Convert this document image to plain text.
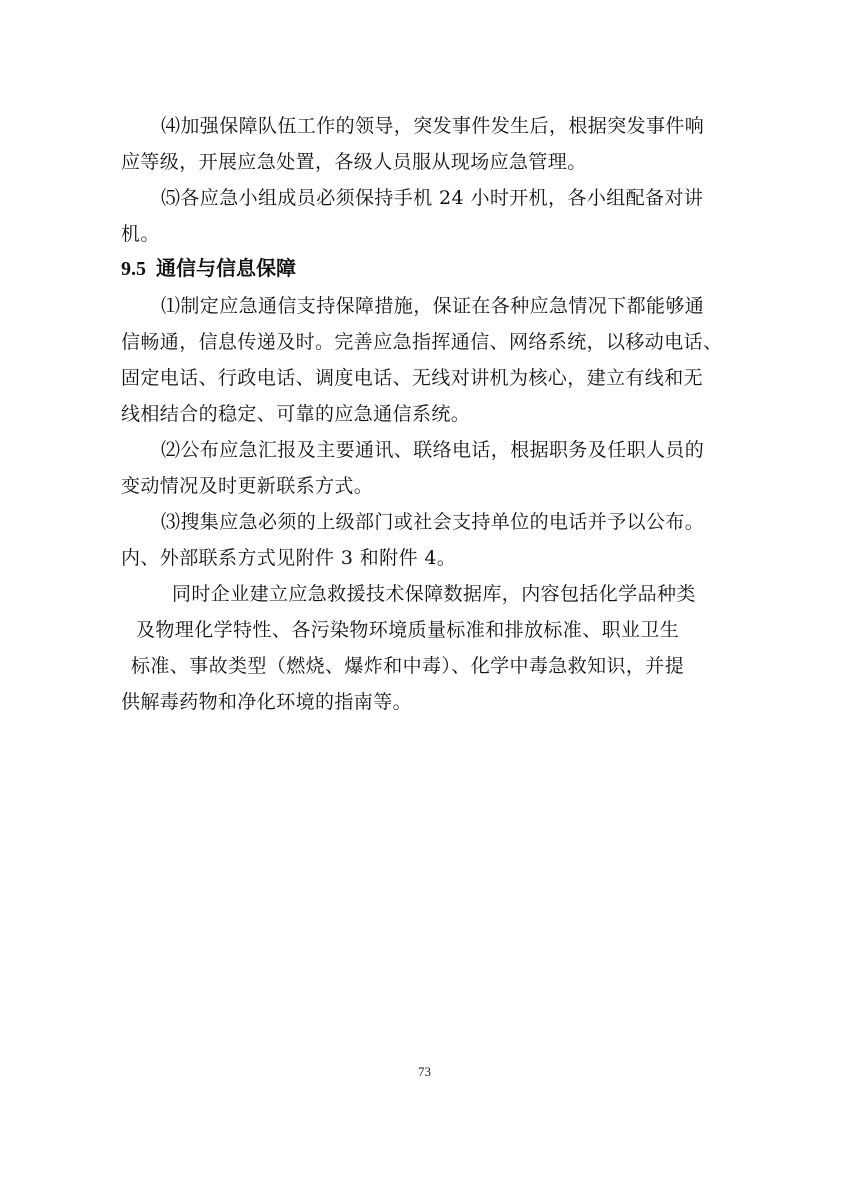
⑷加强保障队伍工作的领导，突发事件发生后，根据突发事件响
应等级，开展应急处置，各级人员服从现场应急管理。
⑸各应急小组成员必须保持手机 24 小时开机，各小组配备对讲
机。
9.5 通信与信息保障
⑴制定应急通信支持保障措施，保证在各种应急情况下都能够通
信畅通，信息传递及时。完善应急指挥通信、网络系统，以移动电话、
固定电话、行政电话、调度电话、无线对讲机为核心，建立有线和无
线相结合的稳定、可靠的应急通信系统。
⑵公布应急汇报及主要通讯、联络电话，根据职务及任职人员的
变动情况及时更新联系方式。
⑶搜集应急必须的上级部门或社会支持单位的电话并予以公布。
内、外部联系方式见附件 3 和附件 4。
同时企业建立应急救援技术保障数据库，内容包括化学品种类
及物理化学特性、各污染物环境质量标准和排放标准、职业卫生
标准、事故类型（燃烧、爆炸和中毒）、化学中毒急救知识，并提
供解毒药物和净化环境的指南等。
73
